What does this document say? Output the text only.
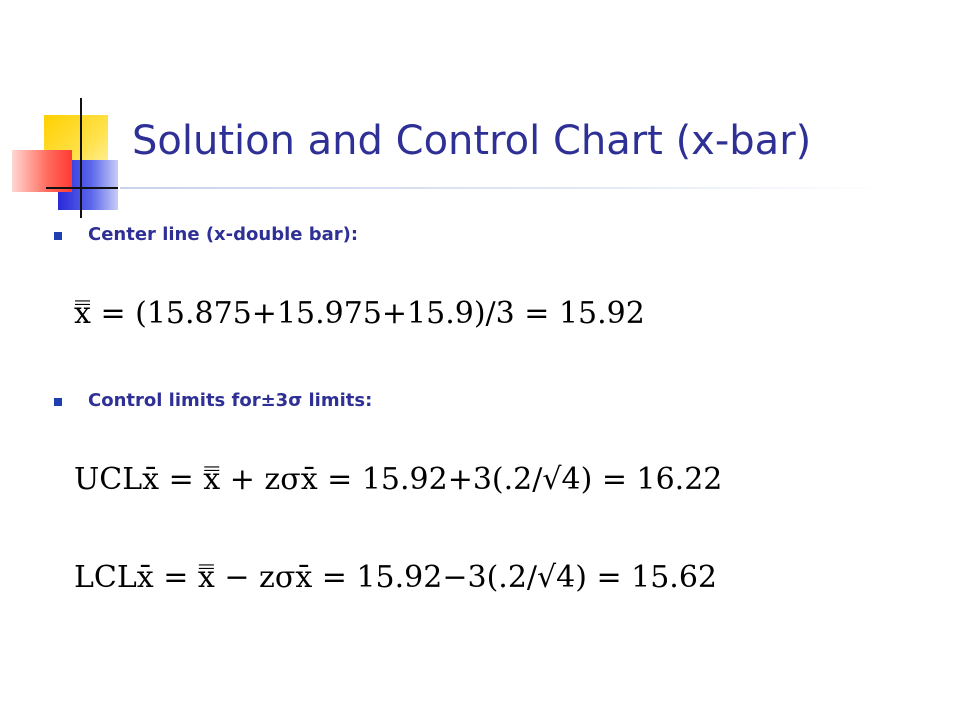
Solution and Control Chart (x-bar)
Center line (x-double bar):
x̿ = (15.875+15.975+15.9)/3 = 15.92
Control limits for±3σ limits:
UCLx̄ = x̿ + zσx̄ = 15.92+3(.2/√4) = 16.22
LCLx̄ = x̿ − zσx̄ = 15.92−3(.2/√4) = 15.62
